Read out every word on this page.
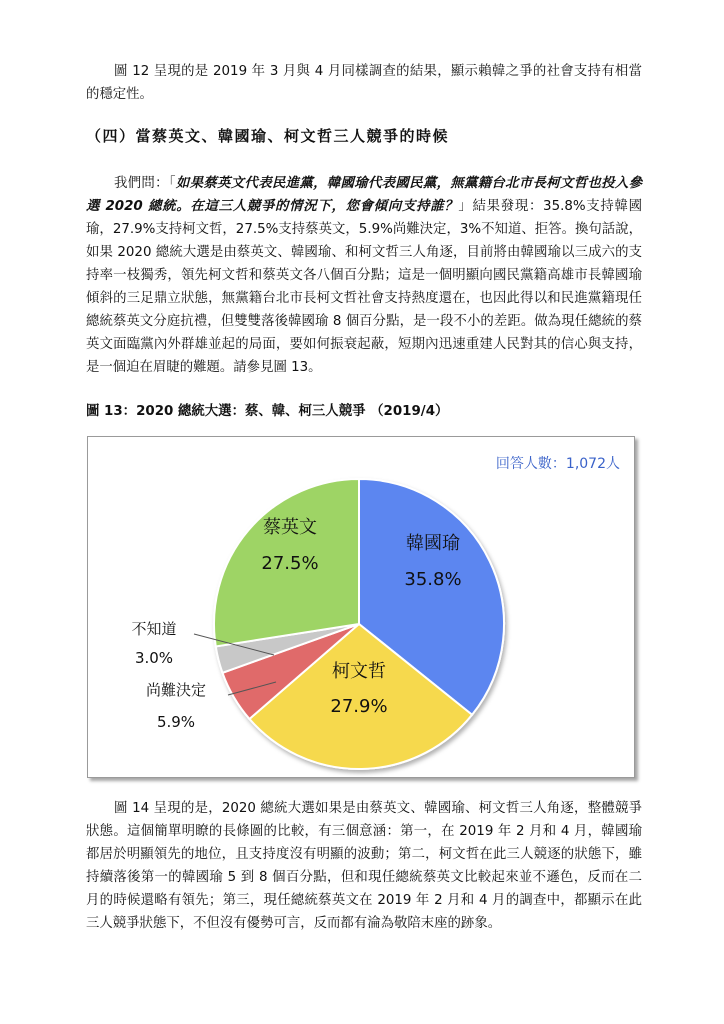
圖 12 呈現的是 2019 年 3 月與 4 月同樣調查的結果，顯示賴韓之爭的社會支持有相當的穩定性。

（四）當蔡英文、韓國瑜、柯文哲三人競爭的時候

我們問：「如果蔡英文代表民進黨，韓國瑜代表國民黨，無黨籍台北市長柯文哲也投入參選 2020 總統。在這三人競爭的情況下，您會傾向支持誰？」結果發現：35.8%支持韓國瑜，27.9%支持柯文哲，27.5%支持蔡英文，5.9%尚難決定，3%不知道、拒答。換句話說，如果 2020 總統大選是由蔡英文、韓國瑜、和柯文哲三人角逐，目前將由韓國瑜以三成六的支持率一枝獨秀，領先柯文哲和蔡英文各八個百分點；這是一個明顯向國民黨籍高雄市長韓國瑜傾斜的三足鼎立狀態，無黨籍台北市長柯文哲社會支持熱度還在，也因此得以和民進黨籍現任總統蔡英文分庭抗禮，但雙雙落後韓國瑜 8 個百分點，是一段不小的差距。做為現任總統的蔡英文面臨黨內外群雄並起的局面，要如何振衰起蔽，短期內迅速重建人民對其的信心與支持，是一個迫在眉睫的難題。請參見圖 13。

圖 13：2020 總統大選：蔡、韓、柯三人競爭 （2019/4）
回答人數：1,072人
韓國瑜
35.8%
柯文哲
27.9%
尚難決定
5.9%
不知道
3.0%
蔡英文
27.5%

圖 14 呈現的是，2020 總統大選如果是由蔡英文、韓國瑜、柯文哲三人角逐，整體競爭狀態。這個簡單明瞭的長條圖的比較，有三個意涵：第一，在 2019 年 2 月和 4 月，韓國瑜都居於明顯領先的地位，且支持度沒有明顯的波動；第二，柯文哲在此三人競逐的狀態下，雖持續落後第一的韓國瑜 5 到 8 個百分點，但和現任總統蔡英文比較起來並不遜色，反而在二月的時候還略有領先；第三，現任總統蔡英文在 2019 年 2 月和 4 月的調查中，都顯示在此三人競爭狀態下，不但沒有優勢可言，反而都有淪為敬陪末座的跡象。
